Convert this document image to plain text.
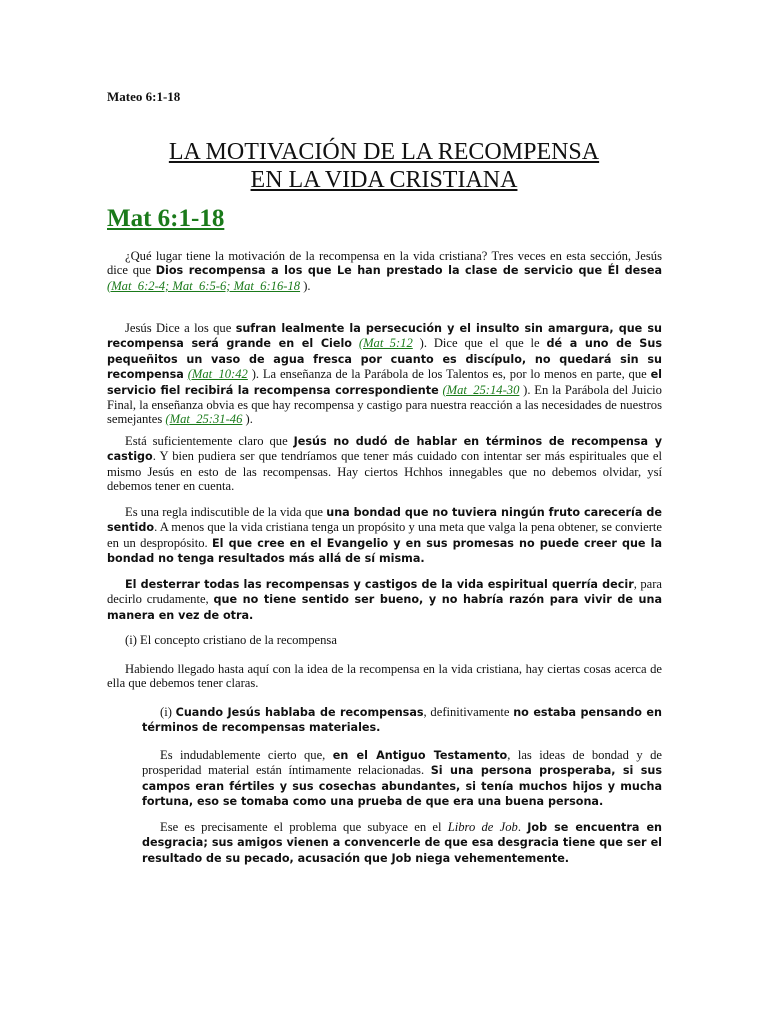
Mateo 6:1-18
LA MOTIVACIÓN DE LA RECOMPENSA
EN LA VIDA CRISTIANA
Mat 6:1-18

¿Qué lugar tiene la motivación de la recompensa en la vida cristiana? Tres veces en esta sección, Jesús dice que Dios recompensa a los que Le han prestado la clase de servicio que Él desea (Mat_6:2-4; Mat_6:5-6; Mat_6:16-18 ).

Jesús Dice a los que sufran lealmente la persecución y el insulto sin amargura, que su recompensa será grande en el Cielo (Mat_5:12 ). Dice que el que le dé a uno de Sus pequeñitos un vaso de agua fresca por cuanto es discípulo, no quedará sin su recompensa (Mat_10:42 ). La enseñanza de la Parábola de los Talentos es, por lo menos en parte, que el servicio fiel recibirá la recompensa correspondiente (Mat_25:14-30 ). En la Parábola del Juicio Final, la enseñanza obvia es que hay recompensa y castigo para nuestra reacción a las necesidades de nuestros semejantes (Mat_25:31-46 ).

Está suficientemente claro que Jesús no dudó de hablar en términos de recompensa y castigo. Y bien pudiera ser que tendríamos que tener más cuidado con intentar ser más espirituales que el mismo Jesús en esto de las recompensas. Hay ciertos Hchhos innegables que no debemos olvidar, ysí debemos tener en cuenta.

Es una regla indiscutible de la vida que una bondad que no tuviera ningún fruto carecería de sentido. A menos que la vida cristiana tenga un propósito y una meta que valga la pena obtener, se convierte en un despropósito. El que cree en el Evangelio y en sus promesas no puede creer que la bondad no tenga resultados más allá de sí misma.

El desterrar todas las recompensas y castigos de la vida espiritual querría decir, para decirlo crudamente, que no tiene sentido ser bueno, y no habría razón para vivir de una manera en vez de otra.

(i) El concepto cristiano de la recompensa

Habiendo llegado hasta aquí con la idea de la recompensa en la vida cristiana, hay ciertas cosas acerca de ella que debemos tener claras.

(i) Cuando Jesús hablaba de recompensas, definitivamente no estaba pensando en términos de recompensas materiales.

Es indudablemente cierto que, en el Antiguo Testamento, las ideas de bondad y de prosperidad material están íntimamente relacionadas. Si una persona prosperaba, si sus campos eran fértiles y sus cosechas abundantes, si tenía muchos hijos y mucha fortuna, eso se tomaba como una prueba de que era una buena persona.

Ese es precisamente el problema que subyace en el Libro de Job. Job se encuentra en desgracia; sus amigos vienen a convencerle de que esa desgracia tiene que ser el resultado de su pecado, acusación que Job niega vehementemente.
